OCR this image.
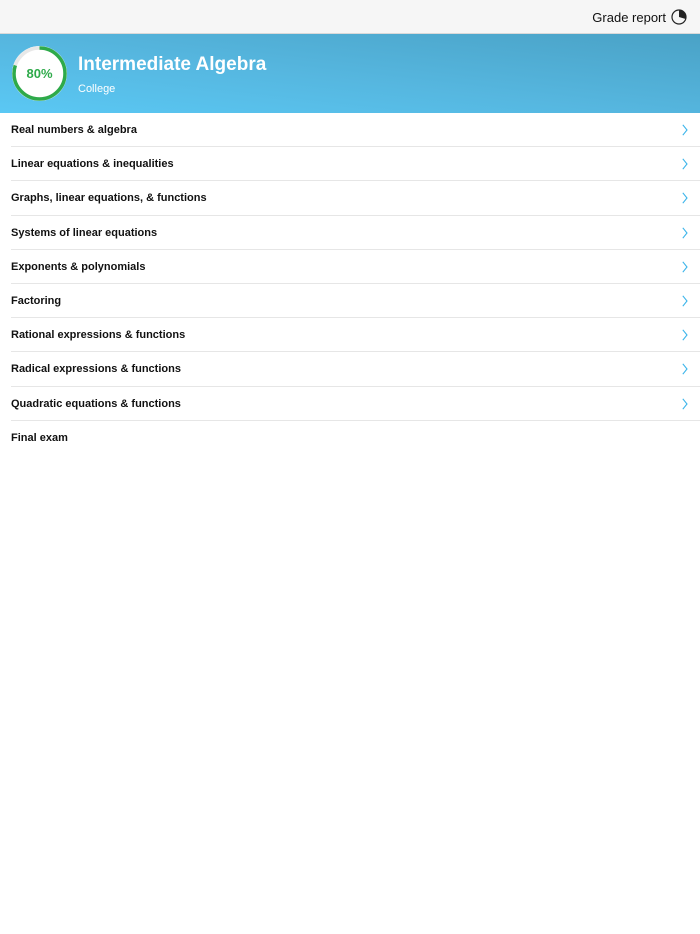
Grade report
80%	Intermediate Algebra
College
Real numbers & algebra
Linear equations & inequalities
Graphs, linear equations, & functions
Systems of linear equations
Exponents & polynomials
Factoring
Rational expressions & functions
Radical expressions & functions
Quadratic equations & functions
Final exam
